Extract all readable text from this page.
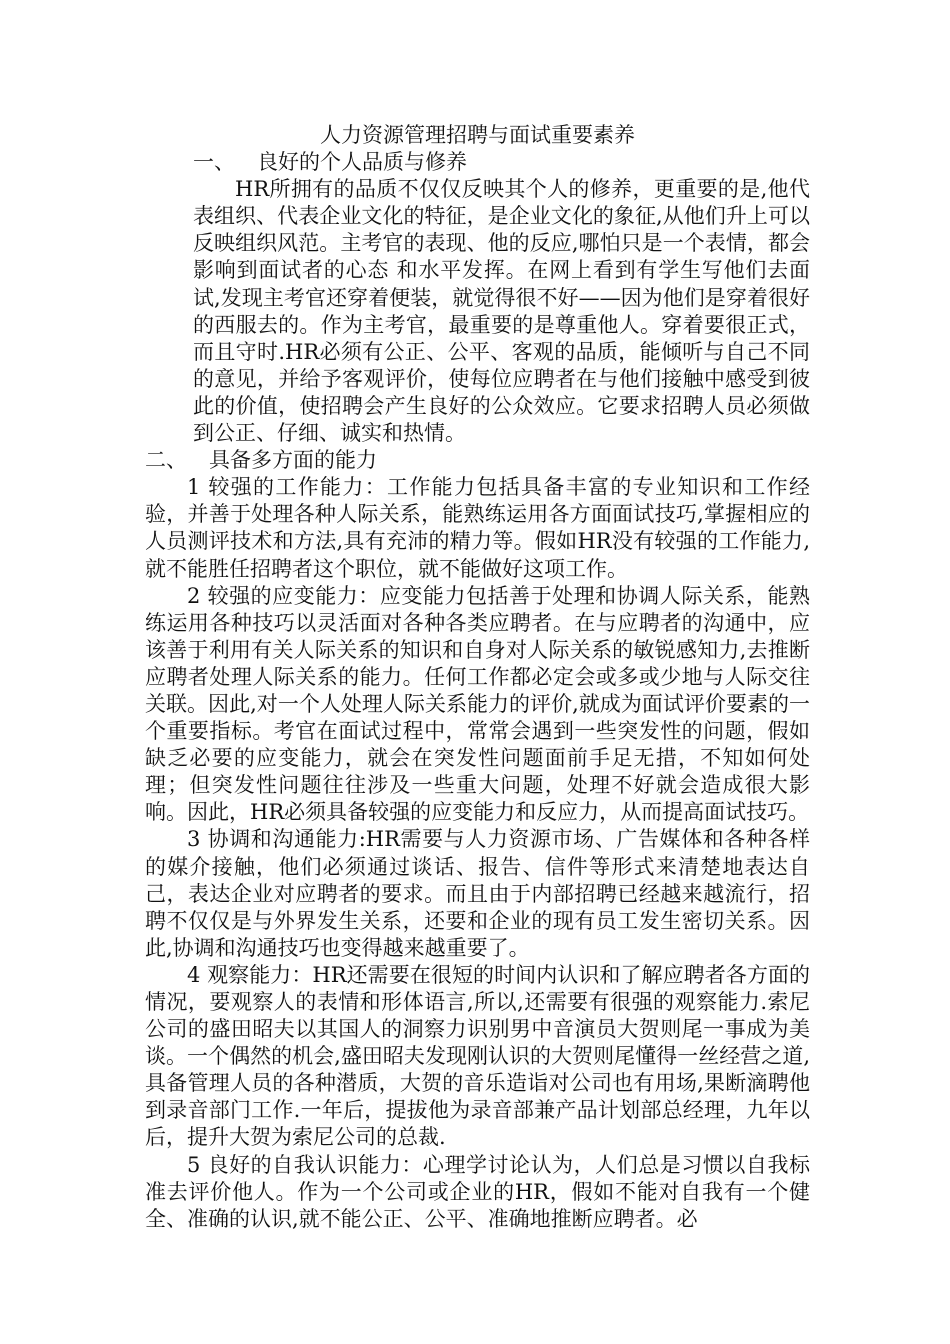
人力资源管理招聘与面试重要素养
一、 良好的个人品质与修养

HR所拥有的品质不仅仅反映其个人的修养，更重要的是,他代表组织、代表企业文化的特征，是企业文化的象征,从他们升上可以反映组织风范。主考官的表现、他的反应,哪怕只是一个表情，都会影响到面试者的心态 和水平发挥。在网上看到有学生写他们去面试,发现主考官还穿着便装，就觉得很不好——因为他们是穿着很好的西服去的。作为主考官，最重要的是尊重他人。穿着要很正式，而且守时.HR必须有公正、公平、客观的品质，能倾听与自己不同的意见，并给予客观评价，使每位应聘者在与他们接触中感受到彼此的价值，使招聘会产生良好的公众效应。它要求招聘人员必须做到公正、仔细、诚实和热情。

二、 具备多方面的能力

1 较强的工作能力：工作能力包括具备丰富的专业知识和工作经验，并善于处理各种人际关系，能熟练运用各方面面试技巧,掌握相应的人员测评技术和方法,具有充沛的精力等。假如HR没有较强的工作能力,就不能胜任招聘者这个职位，就不能做好这项工作。

2 较强的应变能力：应变能力包括善于处理和协调人际关系，能熟练运用各种技巧以灵活面对各种各类应聘者。在与应聘者的沟通中，应该善于利用有关人际关系的知识和自身对人际关系的敏锐感知力,去推断应聘者处理人际关系的能力。任何工作都必定会或多或少地与人际交往关联。因此,对一个人处理人际关系能力的评价,就成为面试评价要素的一个重要指标。考官在面试过程中，常常会遇到一些突发性的问题，假如缺乏必要的应变能力，就会在突发性问题面前手足无措，不知如何处理；但突发性问题往往涉及一些重大问题，处理不好就会造成很大影响。因此，HR必须具备较强的应变能力和反应力，从而提高面试技巧。

3 协调和沟通能力:HR需要与人力资源市场、广告媒体和各种各样的媒介接触，他们必须通过谈话、报告、信件等形式来清楚地表达自己，表达企业对应聘者的要求。而且由于内部招聘已经越来越流行，招聘不仅仅是与外界发生关系，还要和企业的现有员工发生密切关系。因此,协调和沟通技巧也变得越来越重要了。

4 观察能力：HR还需要在很短的时间内认识和了解应聘者各方面的情况，要观察人的表情和形体语言,所以,还需要有很强的观察能力.索尼公司的盛田昭夫以其国人的洞察力识别男中音演员大贺则尾一事成为美谈。一个偶然的机会,盛田昭夫发现刚认识的大贺则尾懂得一丝经营之道,具备管理人员的各种潜质，大贺的音乐造诣对公司也有用场,果断滴聘他到录音部门工作.一年后，提拔他为录音部兼产品计划部总经理，九年以后，提升大贺为索尼公司的总裁.

5 良好的自我认识能力：心理学讨论认为，人们总是习惯以自我标准去评价他人。作为一个公司或企业的HR，假如不能对自我有一个健全、准确的认识,就不能公正、公平、准确地推断应聘者。必
